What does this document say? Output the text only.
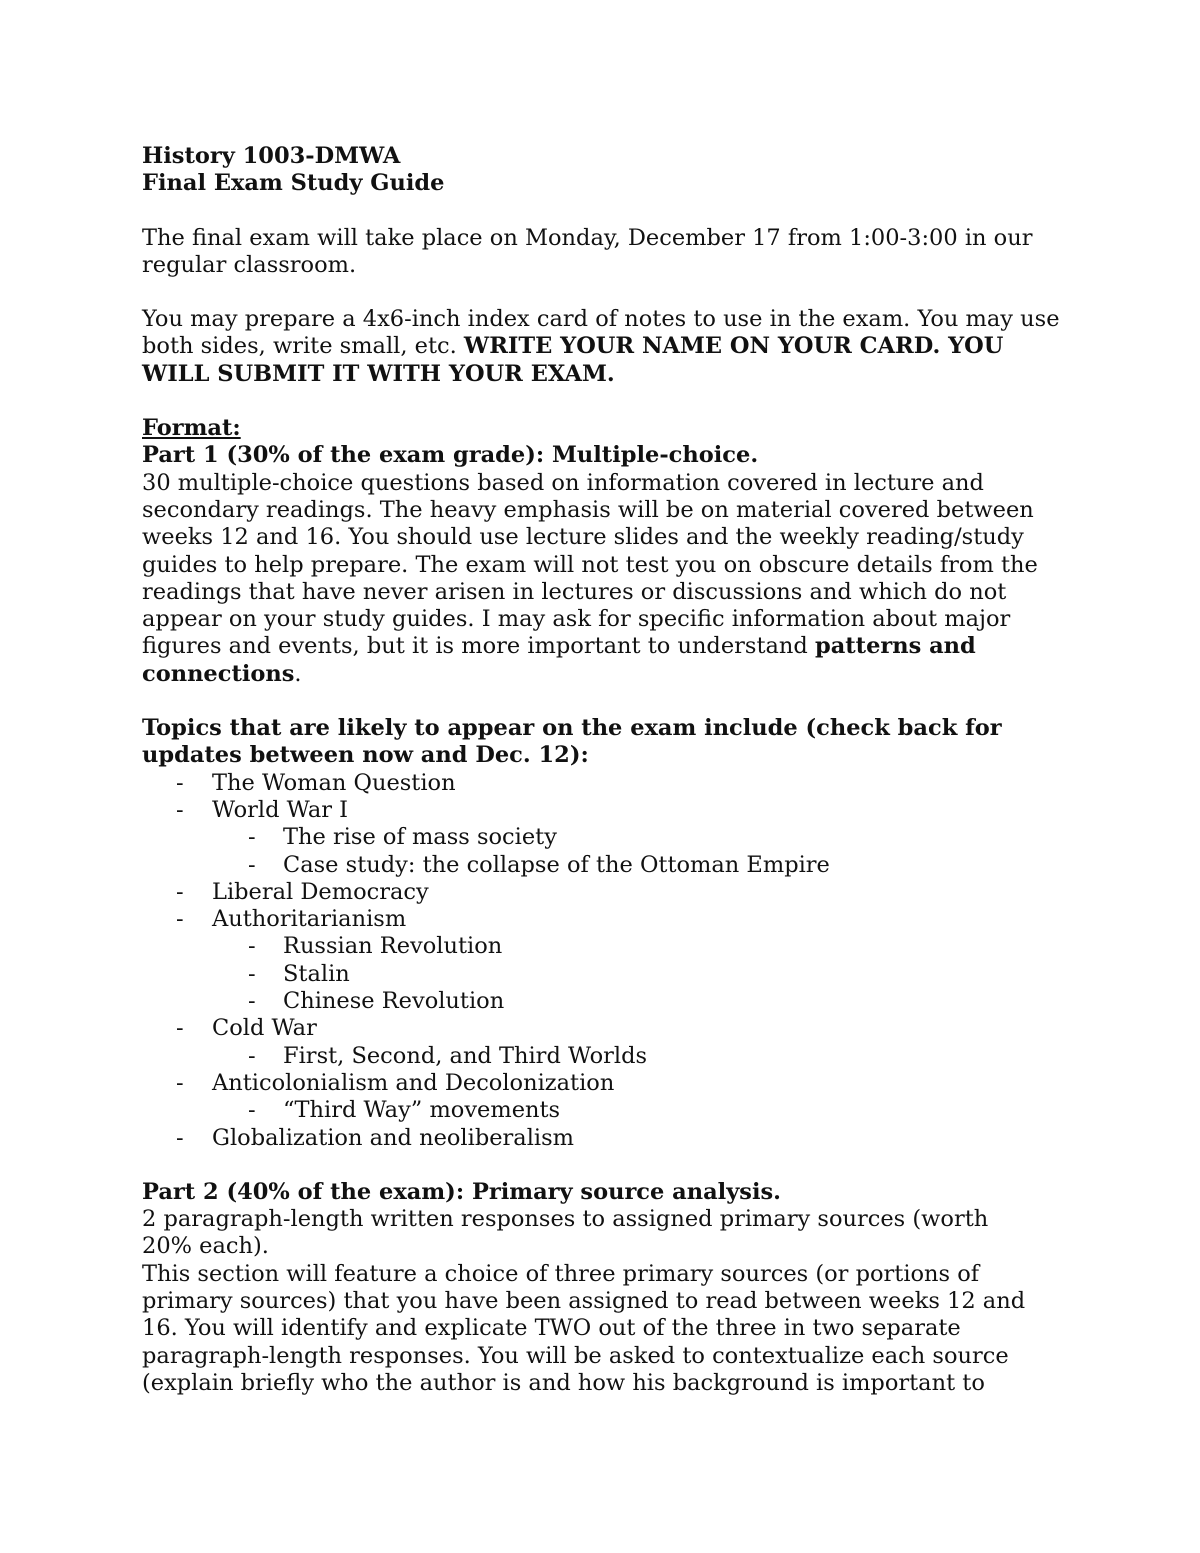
History 1003-DMWA

Final Exam Study Guide

The final exam will take place on Monday, December 17 from 1:00-3:00 in our regular classroom.

You may prepare a 4x6-inch index card of notes to use in the exam. You may use both sides, write small, etc. WRITE YOUR NAME ON YOUR CARD. YOU WILL SUBMIT IT WITH YOUR EXAM.

Format:

Part 1 (30% of the exam grade): Multiple-choice.

30 multiple-choice questions based on information covered in lecture and secondary readings. The heavy emphasis will be on material covered between weeks 12 and 16. You should use lecture slides and the weekly reading/study guides to help prepare. The exam will not test you on obscure details from the readings that have never arisen in lectures or discussions and which do not appear on your study guides. I may ask for specific information about major figures and events, but it is more important to understand patterns and connections.

Topics that are likely to appear on the exam include (check back for updates between now and Dec. 12):

- The Woman Question
- World War I
- The rise of mass society
- Case study: the collapse of the Ottoman Empire
- Liberal Democracy
- Authoritarianism
- Russian Revolution
- Stalin
- Chinese Revolution
- Cold War
- First, Second, and Third Worlds
- Anticolonialism and Decolonization
- “Third Way” movements
- Globalization and neoliberalism

Part 2 (40% of the exam): Primary source analysis.

2 paragraph-length written responses to assigned primary sources (worth 20% each).

This section will feature a choice of three primary sources (or portions of primary sources) that you have been assigned to read between weeks 12 and 16. You will identify and explicate TWO out of the three in two separate paragraph-length responses. You will be asked to contextualize each source (explain briefly who the author is and how his background is important to
